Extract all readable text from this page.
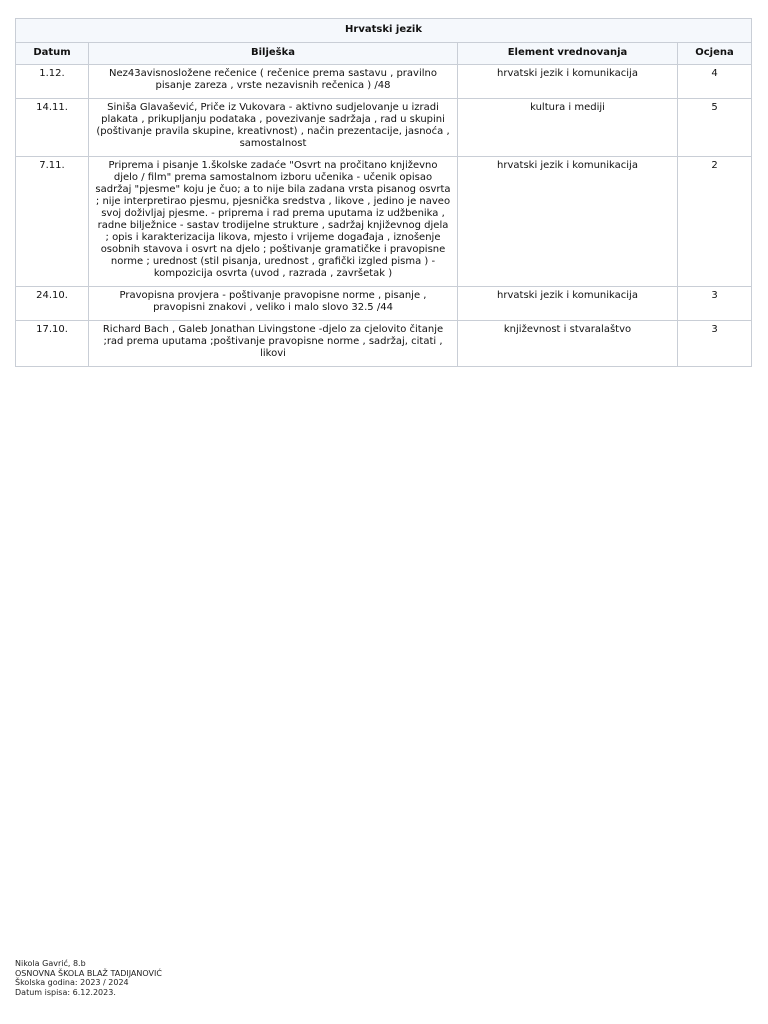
Hrvatski jezik			
Datum	Bilješka	Element vrednovanja	Ocjena
1.12.	Nez43avisnosložene rečenice ( rečenice prema sastavu , pravilno pisanje zareza , vrste nezavisnih rečenica ) /48	hrvatski jezik i komunikacija	4
14.11.	Siniša Glavašević, Priče iz Vukovara - aktivno sudjelovanje u izradi plakata , prikupljanju podataka , povezivanje sadržaja , rad u skupini (poštivanje pravila skupine, kreativnost) , način prezentacije, jasnoća , samostalnost	kultura i mediji	5
7.11.	Priprema i pisanje 1.školske zadaće "Osvrt na pročitano književno djelo / film" prema samostalnom izboru učenika - učenik opisao sadržaj "pjesme" koju je čuo; a to nije bila zadana vrsta pisanog osvrta ; nije interpretirao pjesmu, pjesnička sredstva , likove , jedino je naveo svoj doživljaj pjesme. - priprema i rad prema uputama iz udžbenika , radne bilježnice - sastav trodijelne strukture , sadržaj književnog djela ; opis i karakterizacija likova, mjesto i vrijeme događaja , iznošenje osobnih stavova i osvrt na djelo ; poštivanje gramatičke i pravopisne norme ; urednost (stil pisanja, urednost , grafički izgled pisma ) - kompozicija osvrta (uvod , razrada , završetak )	hrvatski jezik i komunikacija	2
24.10.	Pravopisna provjera - poštivanje pravopisne norme , pisanje , pravopisni znakovi , veliko i malo slovo 32.5 /44	hrvatski jezik i komunikacija	3
17.10.	Richard Bach , Galeb Jonathan Livingstone -djelo za cjelovito čitanje ;rad prema uputama ;poštivanje pravopisne norme , sadržaj, citati , likovi	književnost i stvaralaštvo	3
Nikola Gavrić, 8.b
OSNOVNA ŠKOLA BLAŽ TADIJANOVIĆ
Školska godina: 2023 / 2024
Datum ispisa: 6.12.2023.
